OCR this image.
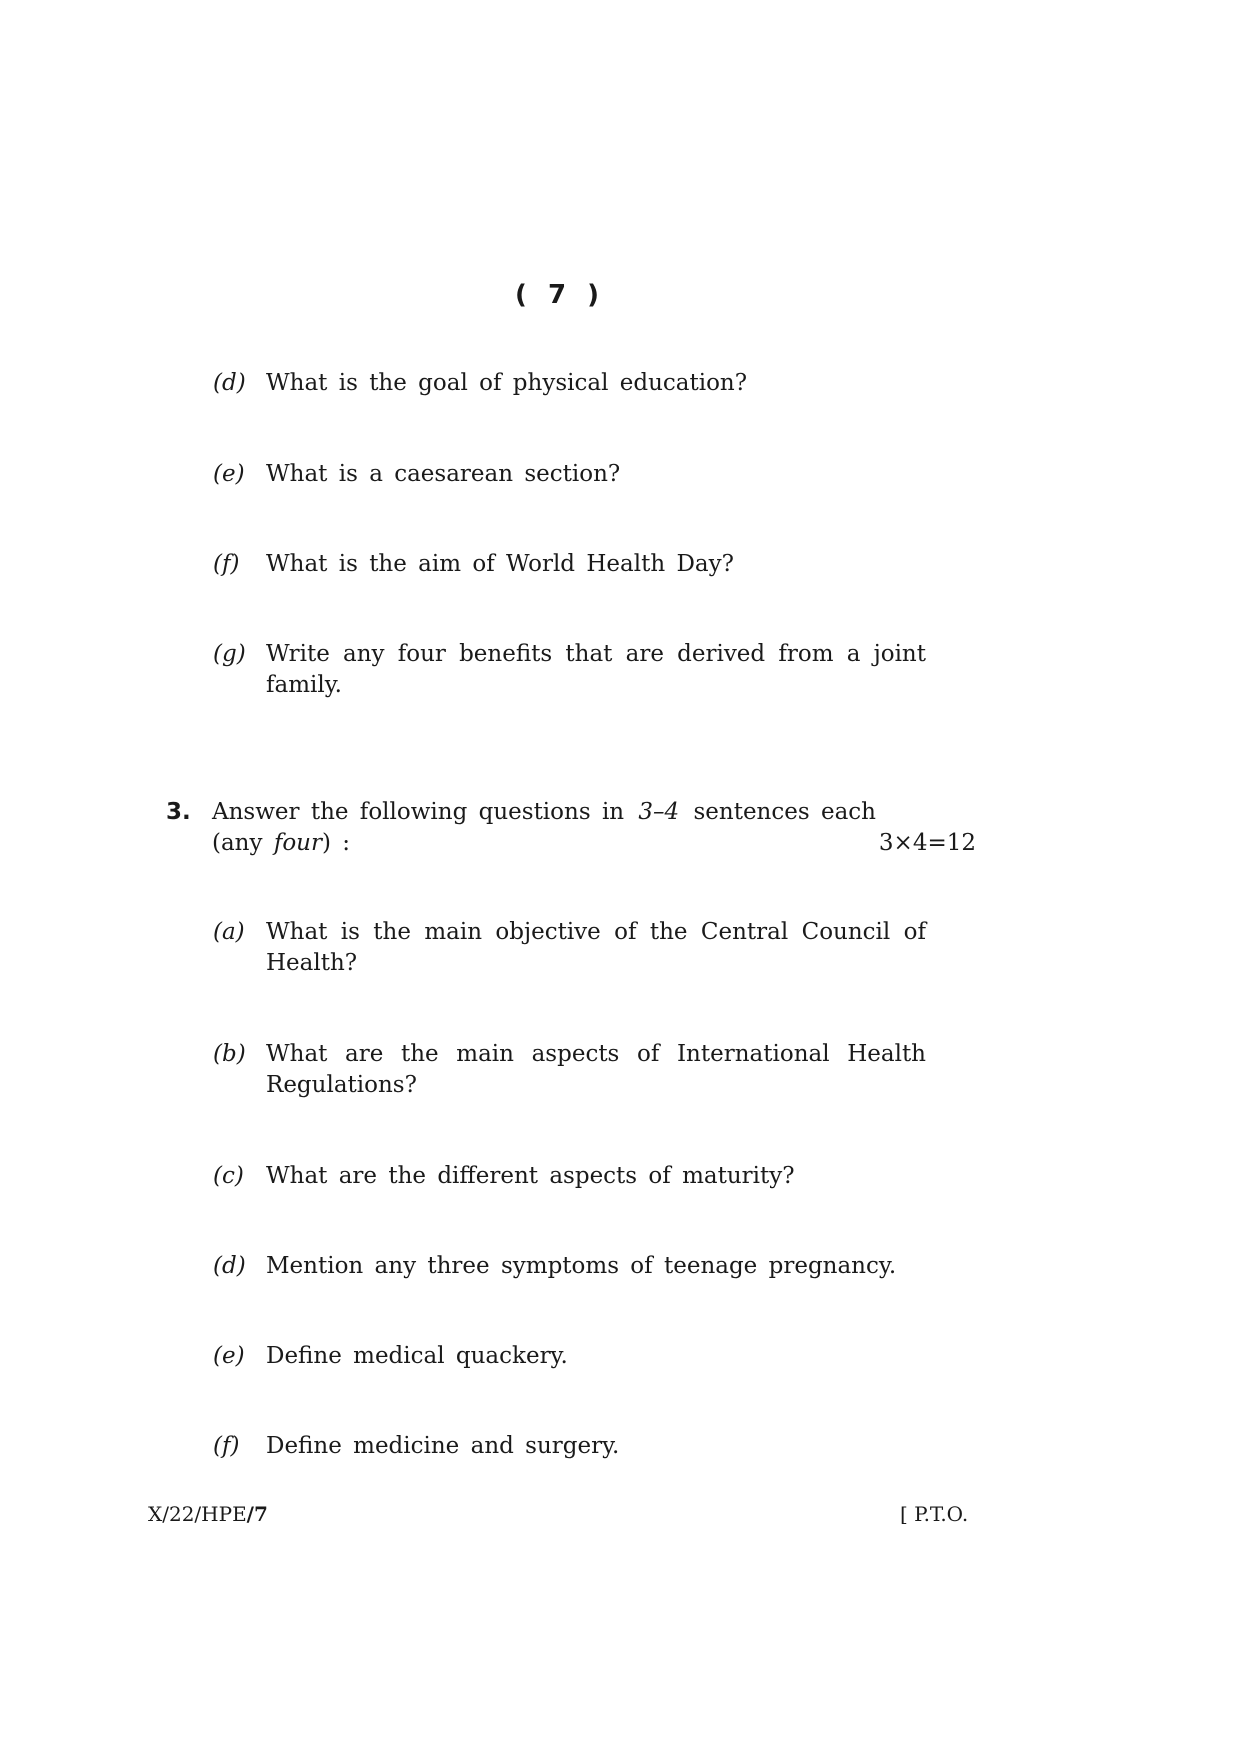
( 7 )
(d) What is the goal of physical education?
(e) What is a caesarean section?
(f)	What is the aim of World Health Day?
(g) Write any four benefits that are derived from a joint family.
3. Answer the following questions in 3–4 sentences each
(any four) :	3×4=12
(a) What is the main objective of the Central Council of Health?
(b) What are the main aspects of International Health Regulations?
(c) What are the different aspects of maturity?
(d) Mention any three symptoms of teenage pregnancy.
(e) Define medical quackery.
(f)	Define medicine and surgery.
X/22/HPE/7	[ P.T.O.
